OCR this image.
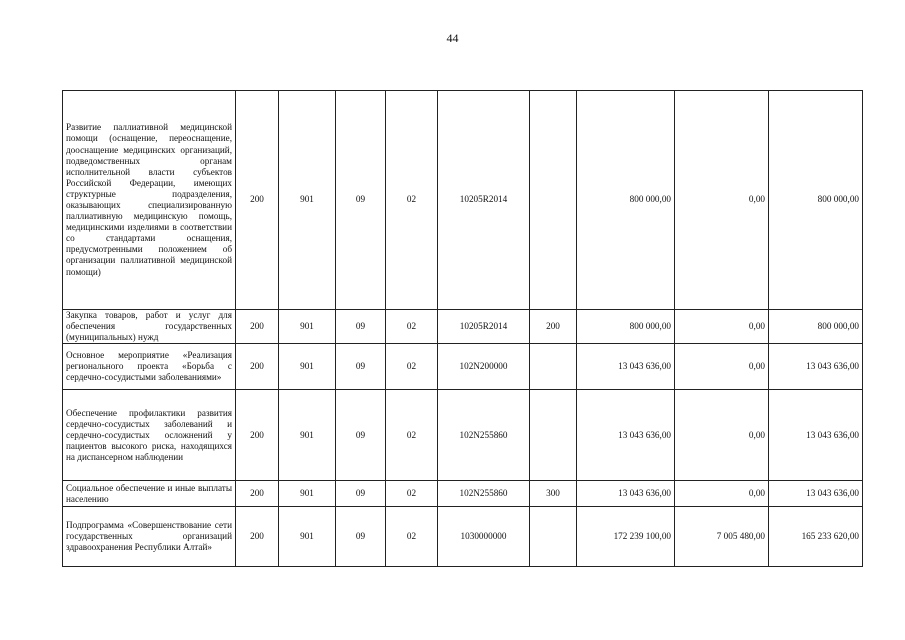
44
Развитие паллиативной медицинской помощи (оснащение, переоснащение, дооснащение медицинских организаций, подведомственных органам исполнительной власти субъектов Российской Федерации, имеющих структурные подразделения, оказывающих специализированную паллиативную медицинскую помощь, медицинскими изделиями в соответствии со стандартами оснащения, предусмотренными положением об организации паллиативной медицинской помощи)	200	901	09	02	10205R2014		800 000,00	0,00	800 000,00
Закупка товаров, работ и услуг для обеспечения государственных (муниципальных) нужд	200	901	09	02	10205R2014	200	800 000,00	0,00	800 000,00
Основное мероприятие «Реализация регионального проекта «Борьба с сердечно-сосудистыми заболеваниями»	200	901	09	02	102N200000		13 043 636,00	0,00	13 043 636,00
Обеспечение профилактики развития сердечно-сосудистых заболеваний и сердечно-сосудистых осложнений у пациентов высокого риска, находящихся на диспансерном наблюдении	200	901	09	02	102N255860		13 043 636,00	0,00	13 043 636,00
Социальное обеспечение и иные выплаты населению	200	901	09	02	102N255860	300	13 043 636,00	0,00	13 043 636,00
Подпрограмма «Совершенствование сети государственных организаций здравоохранения Республики Алтай»	200	901	09	02	1030000000		172 239 100,00	7 005 480,00	165 233 620,00
